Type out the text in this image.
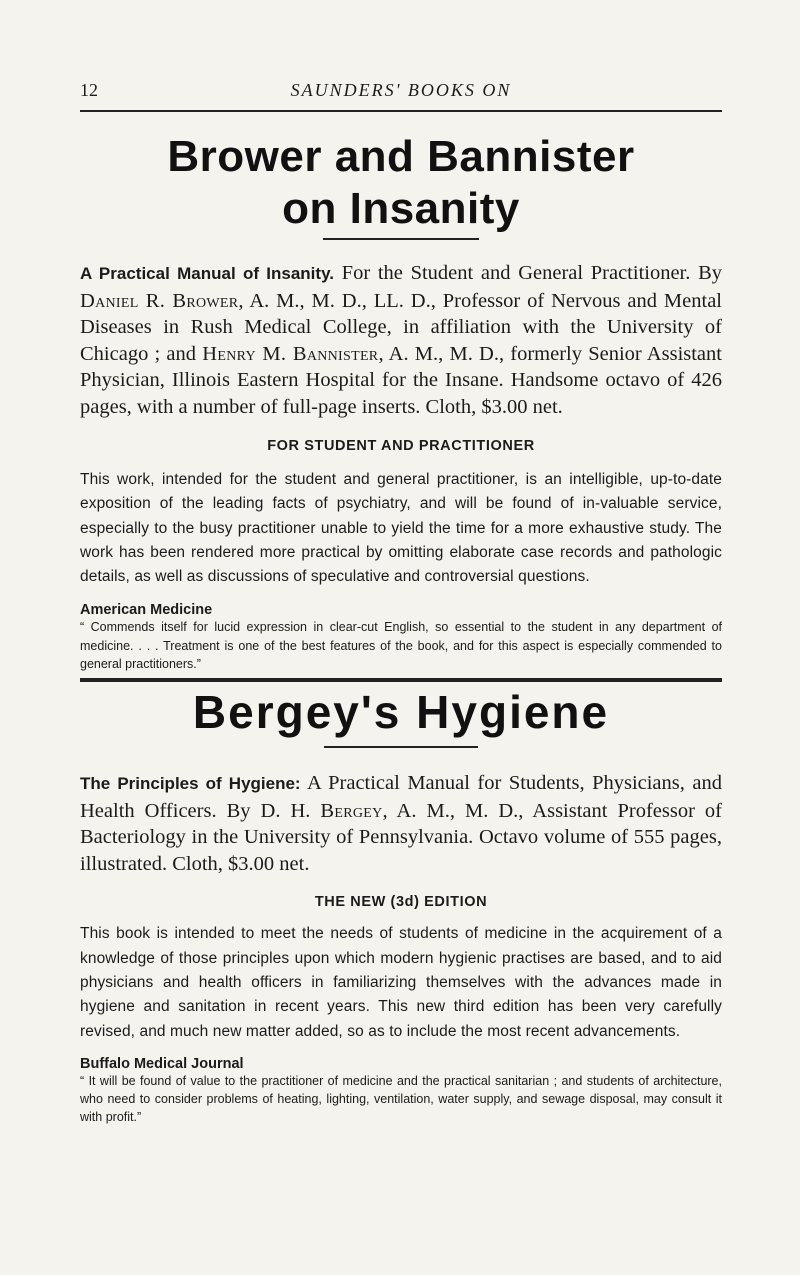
12	SAUNDERS' BOOKS ON
Brower and Bannister
on Insanity

A Practical Manual of Insanity. For the Student and General Practitioner. By Daniel R. Brower, A. M., M. D., LL. D., Professor of Nervous and Mental Diseases in Rush Medical College, in affiliation with the University of Chicago ; and Henry M. Bannister, A. M., M. D., formerly Senior Assistant Physician, Illinois Eastern Hospital for the Insane. Handsome octavo of 426 pages, with a number of full-page inserts. Cloth, $3.00 net.

FOR STUDENT AND PRACTITIONER

This work, intended for the student and general practitioner, is an intelligible, up-to-date exposition of the leading facts of psychiatry, and will be found of in-valuable service, especially to the busy practitioner unable to yield the time for a more exhaustive study. The work has been rendered more practical by omitting elaborate case records and pathologic details, as well as discussions of speculative and controversial questions.

American Medicine

“ Commends itself for lucid expression in clear-cut English, so essential to the student in any department of medicine. . . . Treatment is one of the best features of the book, and for this aspect is especially commended to general practitioners.”

Bergey's Hygiene

The Principles of Hygiene: A Practical Manual for Students, Physicians, and Health Officers. By D. H. Bergey, A. M., M. D., Assistant Professor of Bacteriology in the University of Pennsylvania. Octavo volume of 555 pages, illustrated. Cloth, $3.00 net.

THE NEW (3d) EDITION

This book is intended to meet the needs of students of medicine in the acquirement of a knowledge of those principles upon which modern hygienic practises are based, and to aid physicians and health officers in familiarizing themselves with the advances made in hygiene and sanitation in recent years. This new third edition has been very carefully revised, and much new matter added, so as to include the most recent advancements.

Buffalo Medical Journal

“ It will be found of value to the practitioner of medicine and the practical sanitarian ; and students of architecture, who need to consider problems of heating, lighting, ventilation, water supply, and sewage disposal, may consult it with profit.”
